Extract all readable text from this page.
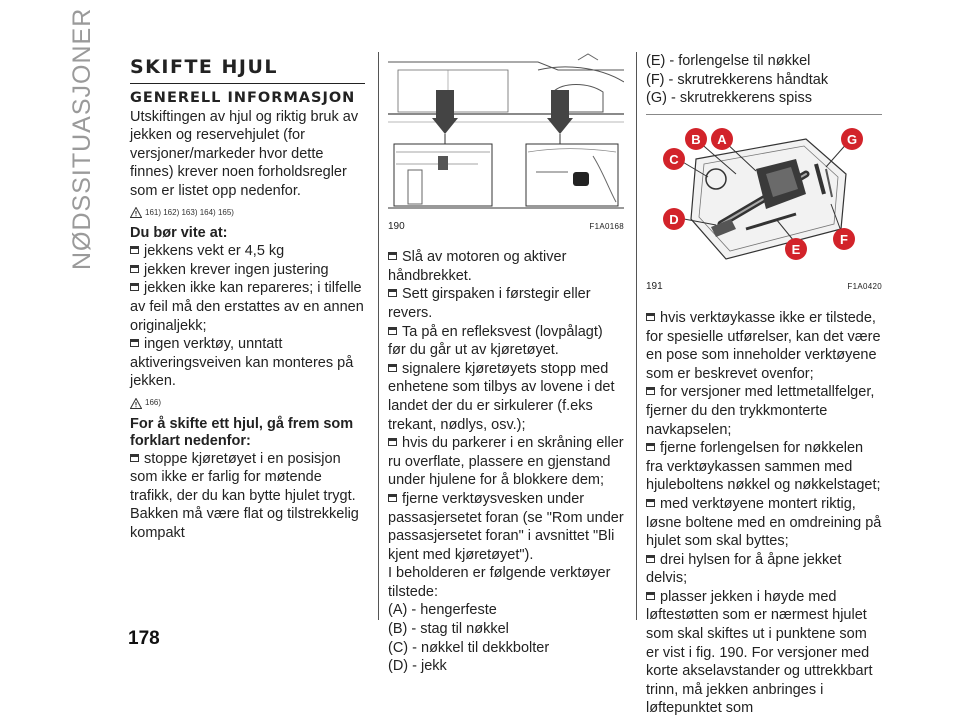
NØDSSITUASJONER SKIFTE HJUL
GENERELL INFORMASJON

Utskiftingen av hjul og riktig bruk av jekken og reservehjulet (for versjoner/markeder hvor dette finnes) krever noen forholdsregler som er listet opp nedenfor.

161) 162) 163) 164) 165)
Du bør vite at:

jekkens vekt er 4,5 kg

jekken krever ingen justering

jekken ikke kan repareres; i tilfelle av feil må den erstattes av en annen originaljekk;

ingen verktøy, unntatt aktiveringsveiven kan monteres på jekken.

166)
For å skifte ett hjul, gå frem som forklart nedenfor:

stoppe kjøretøyet i en posisjon som ikke er farlig for møtende trafikk, der du kan bytte hjulet trygt. Bakken må være flat og tilstrekkelig kompakt

190	F1A0168

Slå av motoren og aktiver håndbrekket.

Sett girspaken i førstegir eller revers.

Ta på en refleksvest (lovpålagt) før du går ut av kjøretøyet.

signalere kjøretøyets stopp med enhetene som tilbys av lovene i det landet der du er sirkulerer (f.eks trekant, nødlys, osv.);

hvis du parkerer i en skråning eller ru overflate, plassere en gjenstand under hjulene for å blokkere dem;

fjerne verktøysvesken under passasjersetet foran (se "Rom under passasjersetet foran" i avsnittet "Bli kjent med kjøretøyet").

I beholderen er følgende verktøyer tilstede:

(A) - hengerfeste

(B) - stag til nøkkel

(C) - nøkkel til dekkbolter

(D) - jekk

(E) - forlengelse til nøkkel

(F) - skrutrekkerens håndtak

(G) - skrutrekkerens spiss

B A	G
C
D
E
F
191	F1A0420

hvis verktøykasse ikke er tilstede, for spesielle utførelser, kan det være en pose som inneholder verktøyene som er beskrevet ovenfor;

for versjoner med lettmetallfelger, fjerner du den trykkmonterte navkapselen;

fjerne forlengelsen for nøkkelen fra verktøykassen sammen med hjuleboltens nøkkel og nøkkelstaget;

med verktøyene montert riktig, løsne boltene med en omdreining på hjulet som skal byttes;

drei hylsen for å åpne jekket delvis;

plasser jekken i høyde med løftestøtten som er nærmest hjulet som skal skiftes ut i punktene som er vist i fig. 190. For versjoner med korte akselavstander og uttrekkbart trinn, må jekken anbringes i løftepunktet som

178
